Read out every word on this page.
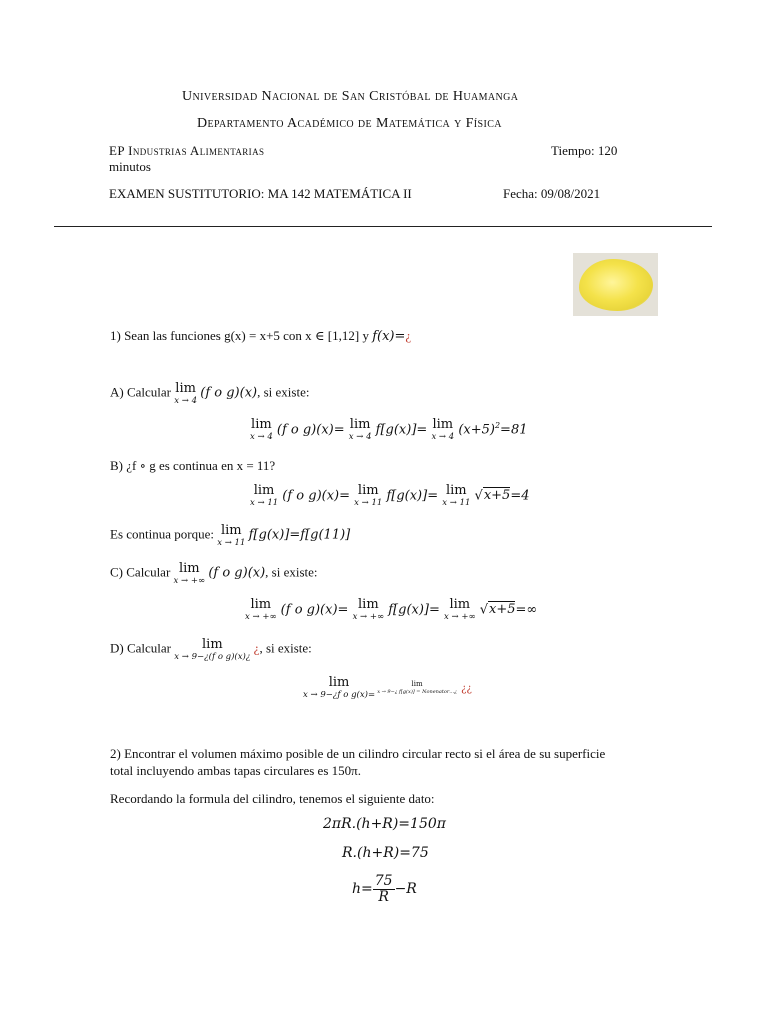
Universidad Nacional de San Cristóbal de Huamanga
Departamento Académico de Matemática y Física
EP Industrias Alimentarias	Tiempo: 120
minutos
EXAMEN SUSTITUTORIO: MA 142 MATEMÁTICA II	Fecha: 09/08/2021
1) Sean las funciones g(x) = x+5 con x ∈ [1,12] y f(x)=¿
A) Calcular lim
x → 4
(f o g)(x), si existe:
lim
x → 4 (f o g)(x)= lim
x → 4 f[g(x)]= lim
x → 4 $(x+5)^2=81$
B) ¿f ∘ g es continua en x = 11?
lim
x → 11 (f o g)(x)= lim
x → 11 f[g(x)]= lim
x → 11 √x+5=4
Es continua porque: lim
x → 11
f[g(x)]=f[g(11)]
C) Calcular lim
x → +∞
(f o g)(x), si existe:
lim
x → +∞ (f o g)(x)= lim
x → +∞ f[g(x)]= lim
x → +∞ √x+5=∞
D) Calcular	lim
x → 9−¿(f o g)(x)¿
¿, si existe:
lim
x → 9−¿f o g(x)=

lim
x → 9−¿ f[g(x)] = Nonenator…¿ ¿¿
2) Encontrar el volumen máximo posible de un cilindro circular recto si el área de su superficie
total incluyendo ambas tapas circulares es 150π.
Recordando la formula del cilindro, tenemos el siguiente dato:
2πR.(h+R)=150π
R.(h+R)=75
$h= \frac{75}{R} -R$
